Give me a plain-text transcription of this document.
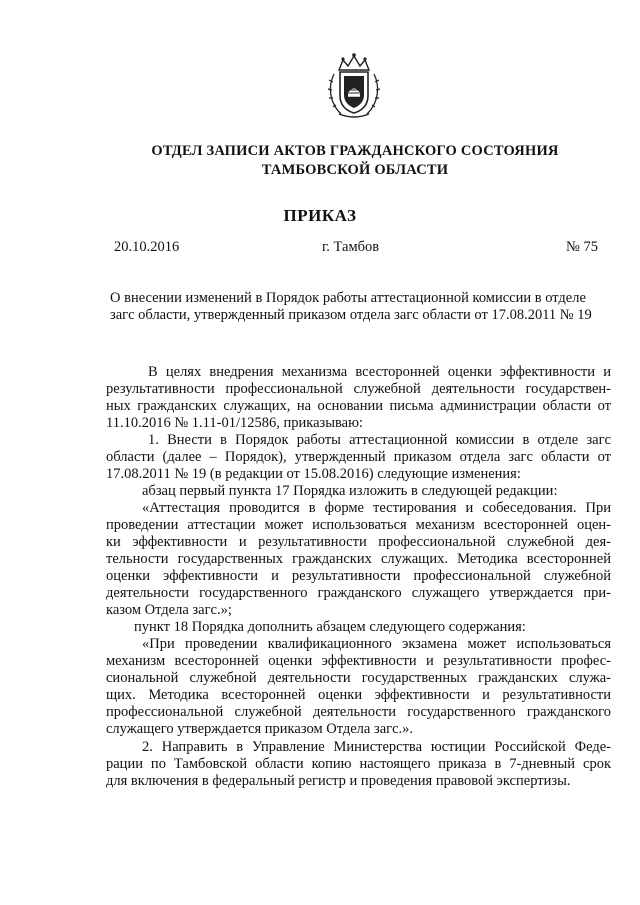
ОТДЕЛ ЗАПИСИ АКТОВ ГРАЖДАНСКОГО СОСТОЯНИЯ
ТАМБОВСКОЙ ОБЛАСТИ
ПРИКАЗ
20.10.2016	г. Тамбов	№ 75
О внесении изменений в Порядок работы аттестационной комиссии в отделе
загс области, утвержденный приказом отдела загс области от 17.08.2011 № 19
В целях внедрения механизма всесторонней оценки эффективности и
результативности профессиональной служебной деятельности государствен-
ных гражданских служащих, на основании письма администрации области от
11.10.2016 № 1.11-01/12586, приказываю:
1. Внести в Порядок работы аттестационной комиссии в отделе загс
области (далее – Порядок), утвержденный приказом отдела загс области от
17.08.2011 № 19 (в редакции от 15.08.2016) следующие изменения:
абзац первый пункта 17 Порядка изложить в следующей редакции:
«Аттестация проводится в форме тестирования и собеседования. При
проведении аттестации может использоваться механизм всесторонней оцен-
ки эффективности и результативности профессиональной служебной дея-
тельности государственных гражданских служащих. Методика всесторонней
оценки эффективности и результативности профессиональной служебной
деятельности государственного гражданского служащего утверждается при-
казом Отдела загс.»;
пункт 18 Порядка дополнить абзацем следующего содержания:
«При проведении квалификационного экзамена может использоваться
механизм всесторонней оценки эффективности и результативности профес-
сиональной служебной деятельности государственных гражданских служа-
щих. Методика всесторонней оценки эффективности и результативности
профессиональной служебной деятельности государственного гражданского
служащего утверждается приказом Отдела загс.».
2. Направить в Управление Министерства юстиции Российской Феде-
рации по Тамбовской области копию настоящего приказа в 7-дневный срок
для включения в федеральный регистр и проведения правовой экспертизы.
